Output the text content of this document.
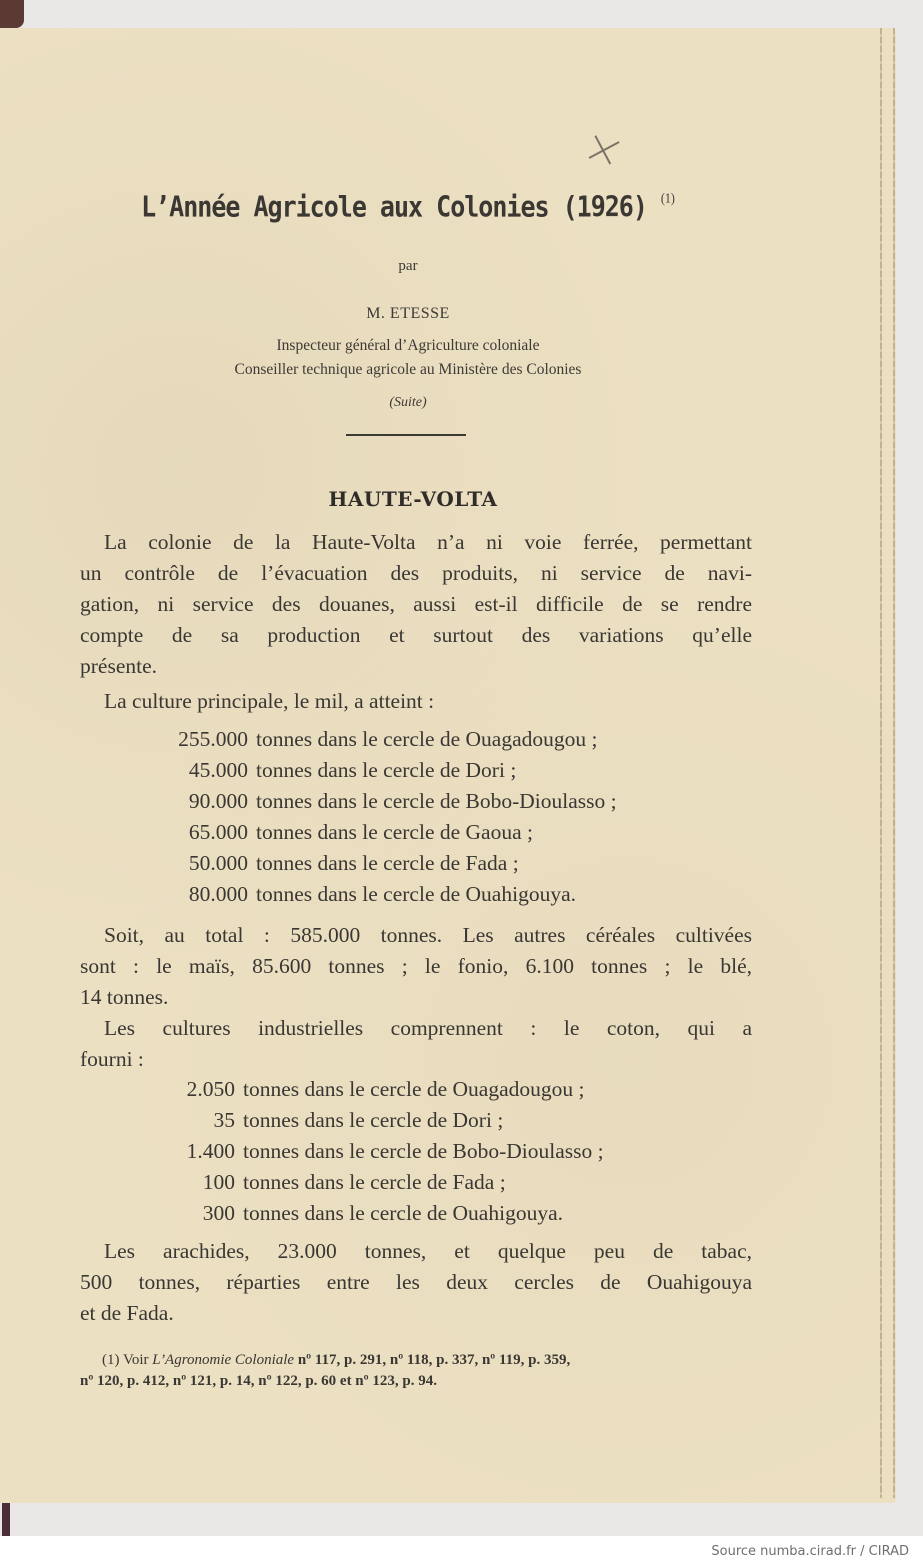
L’Année Agricole aux Colonies (1926) $^{(1)}$
par
M. ETESSE
Inspecteur général d’Agriculture coloniale
Conseiller technique agricole au Ministère des Colonies
(Suite)
HAUTE-VOLTA
La colonie de la Haute-Volta n’a ni voie ferrée, permettant
un contrôle de l’évacuation des produits, ni service de navi-
gation, ni service des douanes, aussi est-il difficile de se rendre
compte de sa production et surtout des variations qu’elle
présente.
La culture principale, le mil, a atteint :
255.000 tonnes dans le cercle de Ouagadougou ;
45.000 tonnes dans le cercle de Dori ;
90.000 tonnes dans le cercle de Bobo-Dioulasso ;
65.000 tonnes dans le cercle de Gaoua ;
50.000 tonnes dans le cercle de Fada ;
80.000 tonnes dans le cercle de Ouahigouya.
Soit, au total : 585.000 tonnes. Les autres céréales cultivées
sont : le maïs, 85.600 tonnes ; le fonio, 6.100 tonnes ; le blé,
14 tonnes.
Les cultures industrielles comprennent : le coton, qui a
fourni :
2.050 tonnes dans le cercle de Ouagadougou ;
35 tonnes dans le cercle de Dori ;
1.400 tonnes dans le cercle de Bobo-Dioulasso ;
100 tonnes dans le cercle de Fada ;
300 tonnes dans le cercle de Ouahigouya.
Les arachides, 23.000 tonnes, et quelque peu de tabac,
500 tonnes, réparties entre les deux cercles de Ouahigouya
et de Fada.
(1) Voir L’Agronomie Coloniale nº 117, p. 291, nº 118, p. 337, nº 119, p. 359,
nº 120, p. 412, nº 121, p. 14, nº 122, p. 60 et nº 123, p. 94.
Source numba.cirad.fr / CIRAD
